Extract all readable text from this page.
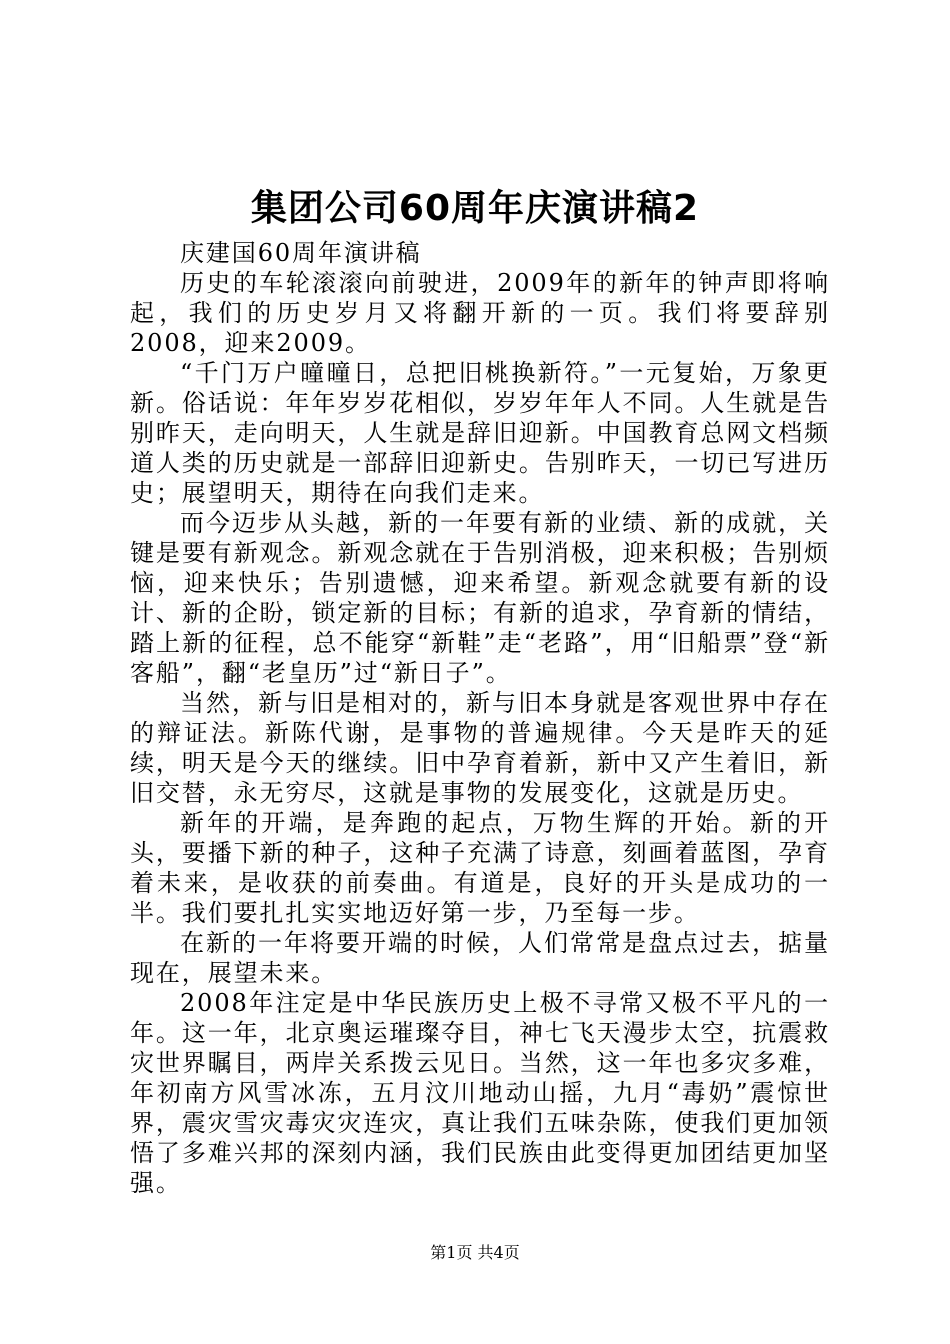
集团公司60周年庆演讲稿2

庆建国60周年演讲稿

历史的车轮滚滚向前驶进，2009年的新年的钟声即将响起，我们的历史岁月又将翻开新的一页。我们将要辞别2008，迎来2009。

“千门万户曈曈日，总把旧桃换新符。”一元复始，万象更新。俗话说：年年岁岁花相似，岁岁年年人不同。人生就是告别昨天，走向明天，人生就是辞旧迎新。中国教育总网文档频道人类的历史就是一部辞旧迎新史。告别昨天，一切已写进历史；展望明天，期待在向我们走来。

而今迈步从头越，新的一年要有新的业绩、新的成就，关键是要有新观念。新观念就在于告别消极，迎来积极；告别烦恼，迎来快乐；告别遗憾，迎来希望。新观念就要有新的设计、新的企盼，锁定新的目标；有新的追求，孕育新的情结，踏上新的征程，总不能穿“新鞋”走“老路”，用“旧船票”登“新客船”，翻“老皇历”过“新日子”。

当然，新与旧是相对的，新与旧本身就是客观世界中存在的辩证法。新陈代谢，是事物的普遍规律。今天是昨天的延续，明天是今天的继续。旧中孕育着新，新中又产生着旧，新旧交替，永无穷尽，这就是事物的发展变化，这就是历史。

新年的开端，是奔跑的起点，万物生辉的开始。新的开头，要播下新的种子，这种子充满了诗意，刻画着蓝图，孕育着未来，是收获的前奏曲。有道是，良好的开头是成功的一半。我们要扎扎实实地迈好第一步，乃至每一步。

在新的一年将要开端的时候，人们常常是盘点过去，掂量现在，展望未来。

2008年注定是中华民族历史上极不寻常又极不平凡的一年。这一年，北京奥运璀璨夺目，神七飞天漫步太空，抗震救灾世界瞩目，两岸关系拨云见日。当然，这一年也多灾多难，年初南方风雪冰冻，五月汶川地动山摇，九月“毒奶”震惊世界，震灾雪灾毒灾灾连灾，真让我们五味杂陈，使我们更加领悟了多难兴邦的深刻内涵，我们民族由此变得更加团结更加坚强。

第1页 共4页
